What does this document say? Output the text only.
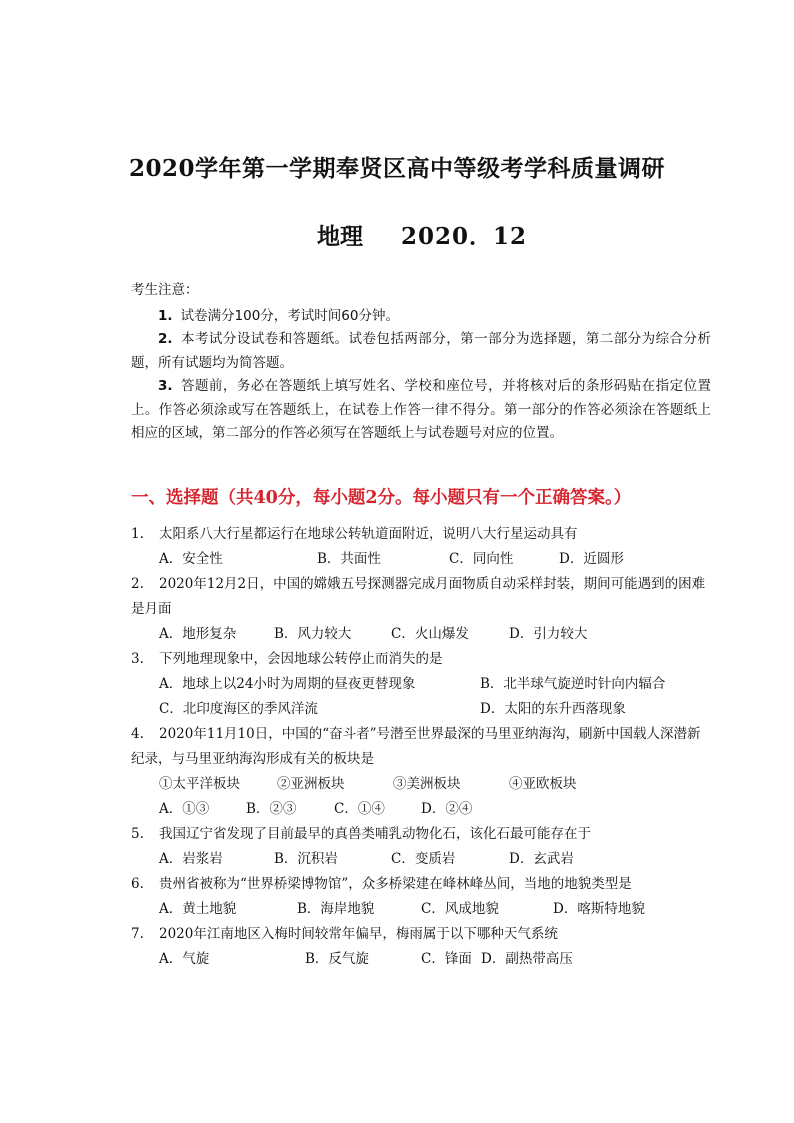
2020学年第一学期奉贤区高中等级考学科质量调研
地理 2020．12

考生注意：

1. 试卷满分100分，考试时间60分钟。

2. 本考试分设试卷和答题纸。试卷包括两部分，第一部分为选择题，第二部分为综合分析题，所有试题均为简答题。

3. 答题前，务必在答题纸上填写姓名、学校和座位号，并将核对后的条形码贴在指定位置上。作答必须涂或写在答题纸上，在试卷上作答一律不得分。第一部分的作答必须涂在答题纸上相应的区域，第二部分的作答必须写在答题纸上与试卷题号对应的位置。

一、选择题（共40分，每小题2分。每小题只有一个正确答案。）
1. 太阳系八大行星都运行在地球公转轨道面附近，说明八大行星运动具有
A．安全性	B．共面性	C．同向性	D．近圆形
2. 2020年12月2日，中国的嫦娥五号探测器完成月面物质自动采样封装，期间可能遇到的困难是月面
A．地形复杂	B．风力较大	C．火山爆发	D．引力较大
3. 下列地理现象中，会因地球公转停止而消失的是
A．地球上以24小时为周期的昼夜更替现象	B．北半球气旋逆时针向内辐合
C．北印度海区的季风洋流	D．太阳的东升西落现象
4. 2020年11月10日，中国的“奋斗者”号潜至世界最深的马里亚纳海沟，刷新中国载人深潜新纪录，与马里亚纳海沟形成有关的板块是
①太平洋板块	②亚洲板块	③美洲板块	④亚欧板块
A．①③	B．②③	C．①④	D．②④
5. 我国辽宁省发现了目前最早的真兽类哺乳动物化石，该化石最可能存在于
A．岩浆岩	B．沉积岩	C．变质岩	D．玄武岩
6. 贵州省被称为“世界桥梁博物馆”，众多桥梁建在峰林峰丛间，当地的地貌类型是
A．黄土地貌	B．海岸地貌	C．风成地貌	D．喀斯特地貌
7. 2020年江南地区入梅时间较常年偏早，梅雨属于以下哪种天气系统
A．气旋	B．反气旋	C．锋面 D．副热带高压
